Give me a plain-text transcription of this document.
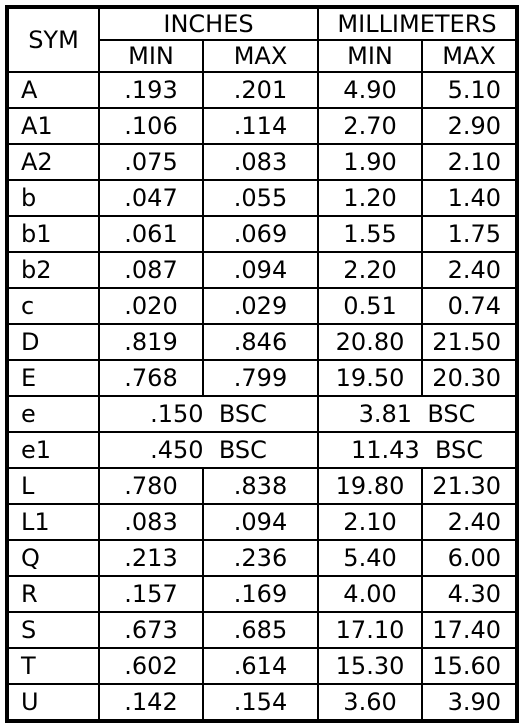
SYM	INCHES		MILLIMETERS	
	MIN	MAX	MIN	MAX
A	.193	.201	4.90	5.10
A1	.106	.114	2.70	2.90
A2	.075	.083	1.90	2.10
b	.047	.055	1.20	1.40
b1	.061	.069	1.55	1.75
b2	.087	.094	2.20	2.40
c	.020	.029	0.51	0.74
D	.819	.846	20.80	21.50
E	.768	.799	19.50	20.30
e	.150 BSC		3.81 BSC	
e1	.450 BSC		11.43 BSC	
L	.780	.838	19.80	21.30
L1	.083	.094	2.10	2.40
Q	.213	.236	5.40	6.00
R	.157	.169	4.00	4.30
S	.673	.685	17.10	17.40
T	.602	.614	15.30	15.60
U	.142	.154	3.60	3.90
